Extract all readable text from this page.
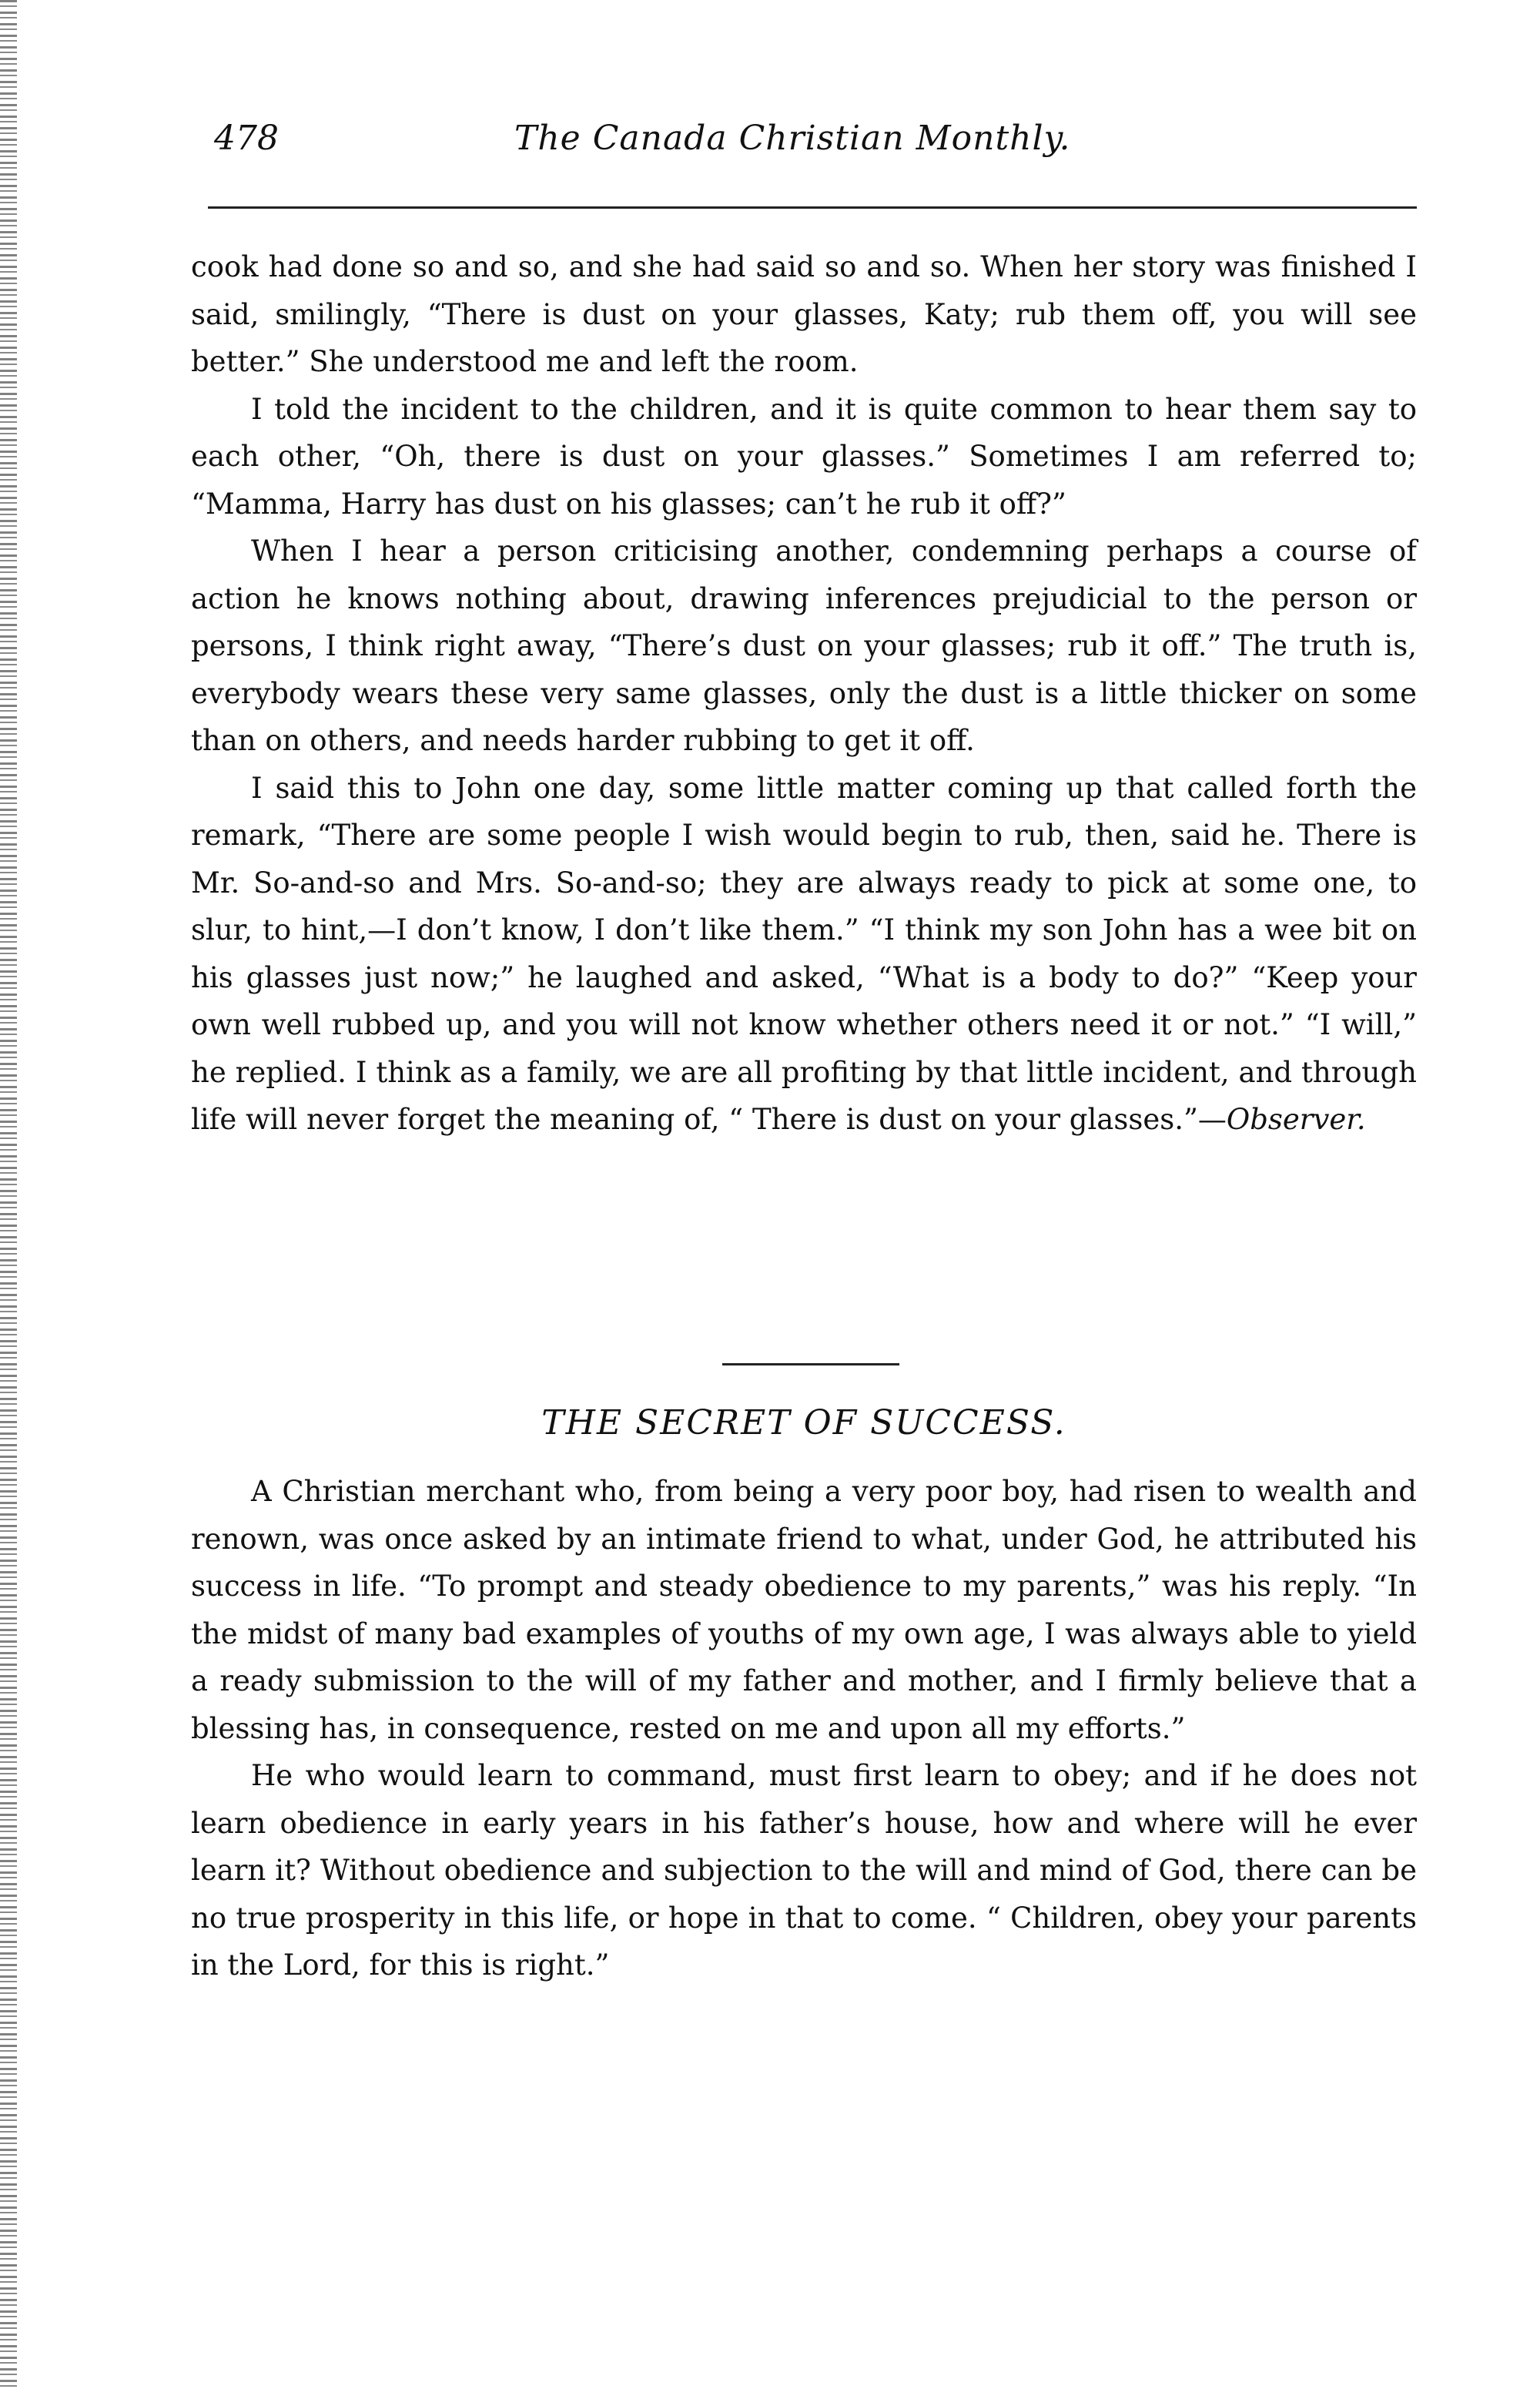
478	The Canada Christian Monthly.

cook had done so and so, and she had said so and so. When her story was finished I said, smilingly, “There is dust on your glasses, Katy; rub them off, you will see better.” She understood me and left the room.

I told the incident to the children, and it is quite common to hear them say to each other, “Oh, there is dust on your glasses.” Sometimes I am referred to; “Mamma, Harry has dust on his glasses; can’t he rub it off?”

When I hear a person criticising another, condemning perhaps a course of action he knows nothing about, drawing inferences prejudicial to the person or persons, I think right away, “There’s dust on your glasses; rub it off.” The truth is, everybody wears these very same glasses, only the dust is a little thicker on some than on others, and needs harder rubbing to get it off.

I said this to John one day, some little matter coming up that called forth the remark, “There are some people I wish would begin to rub, then, said he. There is Mr. So-and-so and Mrs. So-and-so; they are always ready to pick at some one, to slur, to hint,—I don’t know, I don’t like them.” “I think my son John has a wee bit on his glasses just now;” he laughed and asked, “What is a body to do?” “Keep your own well rubbed up, and you will not know whether others need it or not.” “I will,” he replied. I think as a family, we are all profiting by that little incident, and through life will never forget the meaning of, “ There is dust on your glasses.”—Observer.

THE SECRET OF SUCCESS.

A Christian merchant who, from being a very poor boy, had risen to wealth and renown, was once asked by an intimate friend to what, under God, he attributed his success in life. “To prompt and steady obedience to my parents,” was his reply. “In the midst of many bad examples of youths of my own age, I was always able to yield a ready submission to the will of my father and mother, and I firmly believe that a blessing has, in consequence, rested on me and upon all my efforts.”

He who would learn to command, must first learn to obey; and if he does not learn obedience in early years in his father’s house, how and where will he ever learn it? Without obedience and subjection to the will and mind of God, there can be no true prosperity in this life, or hope in that to come. “ Children, obey your parents in the Lord, for this is right.”
